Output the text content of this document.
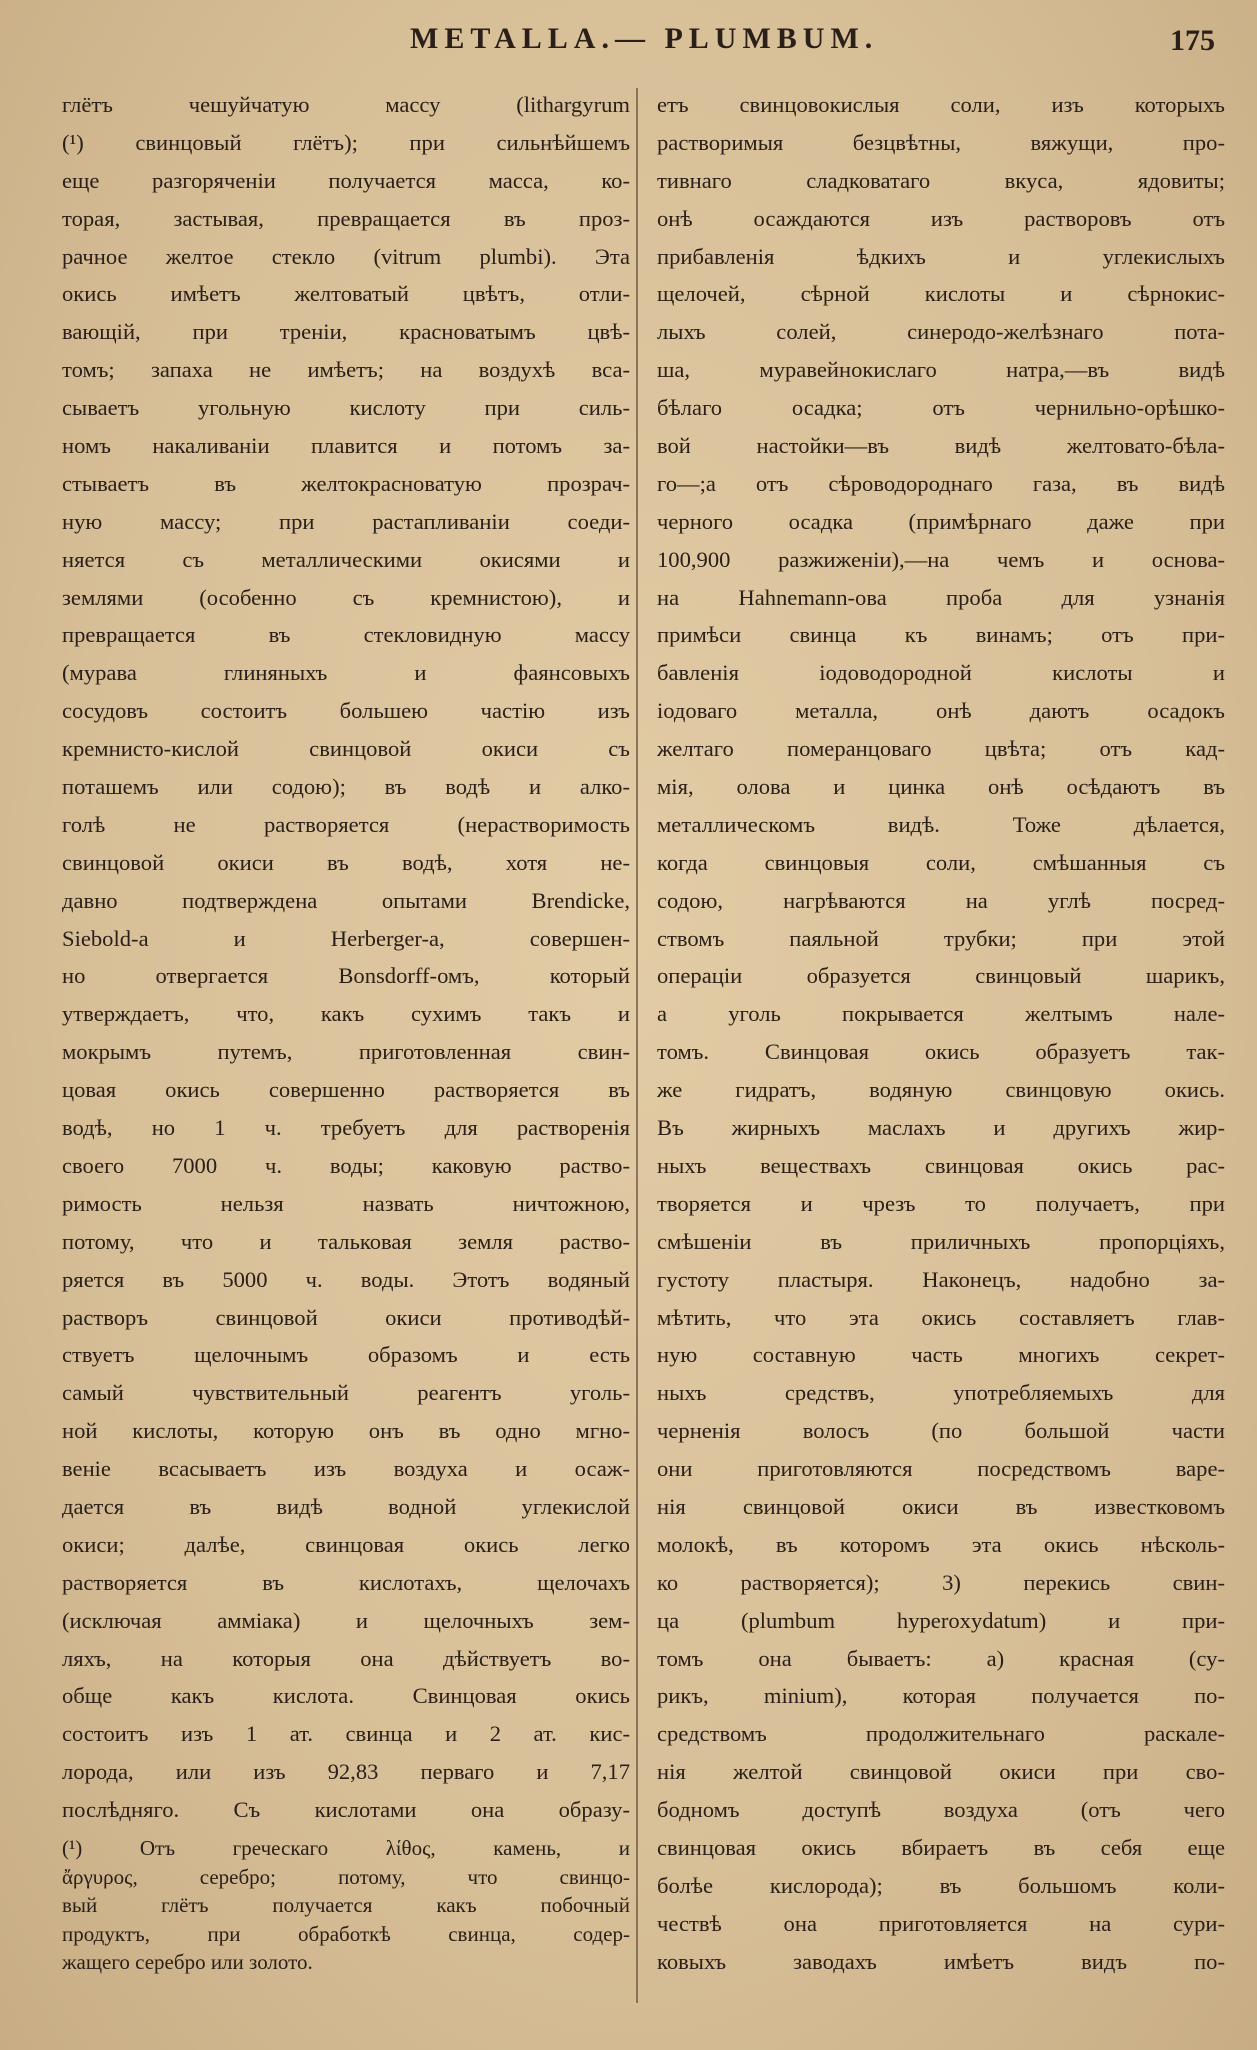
METALLA.— PLUMBUM.	175
глётъ чешуйчатую массу (lithargyrum
(¹) свинцовый глётъ); при сильнѣйшемъ
еще разгоряченіи получается масса, ко-
торая, застывая, превращается въ проз-
рачное желтое стекло (vitrum plumbi). Эта
окись имѣетъ желтоватый цвѣтъ, отли-
вающій, при треніи, красноватымъ цвѣ-
томъ; запаха не имѣетъ; на воздухѣ вса-
сываетъ угольную кислоту при силь-
номъ накаливаніи плавится и потомъ за-
стываетъ въ желтокрасноватую прозрач-
ную массу; при растапливаніи соеди-
няется съ металлическими окисями и
землями (особенно съ кремнистою), и
превращается въ стекловидную массу
(мурава глиняныхъ и фаянсовыхъ
сосудовъ состоитъ большею частію изъ
кремнисто-кислой свинцовой окиси съ
поташемъ или содою); въ водѣ и алко-
голѣ не растворяется (нерастворимость
свинцовой окиси въ водѣ, хотя не-
давно подтверждена опытами Brendicke,
Siebold-а и Herberger-а, совершен-
но отвергается Bonsdorff-омъ, который
утверждаетъ, что, какъ сухимъ такъ и
мокрымъ путемъ, приготовленная свин-
цовая окись совершенно растворяется въ
водѣ, но 1 ч. требуетъ для растворенія
своего 7000 ч. воды; каковую раство-
римость нельзя назвать ничтожною,
потому, что и тальковая земля раство-
ряется въ 5000 ч. воды. Этотъ водяный
растворъ свинцовой окиси противодѣй-
ствуетъ щелочнымъ образомъ и есть
самый чувствительный реагентъ уголь-
ной кислоты, которую онъ въ одно мгно-
веніе всасываетъ изъ воздуха и осаж-
дается въ видѣ водной углекислой
окиси; далѣе, свинцовая окись легко
растворяется въ кислотахъ, щелочахъ
(исключая амміака) и щелочныхъ зем-
ляхъ, на которыя она дѣйствуетъ во-
обще какъ кислота. Свинцовая окись
состоитъ изъ 1 ат. свинца и 2 ат. кис-
лорода, или изъ 92,83 перваго и 7,17
послѣдняго. Съ кислотами она образу-
етъ свинцовокислыя соли, изъ которыхъ
растворимыя безцвѣтны, вяжущи, про-
тивнаго сладковатаго вкуса, ядовиты;
онѣ осаждаются изъ растворовъ отъ
прибавленія ѣдкихъ и углекислыхъ
щелочей, сѣрной кислоты и сѣрнокис-
лыхъ солей, синеродо-желѣзнаго пота-
ша, муравейнокислаго натра,—въ видѣ
бѣлаго осадка; отъ чернильно-орѣшко-
вой настойки—въ видѣ желтовато-бѣла-
го—;а отъ сѣроводороднаго газа, въ видѣ
черного осадка (примѣрнаго даже при
100,900 разжиженіи),—на чемъ и основа-
на Hahnemann-ова проба для узнанія
примѣси свинца къ винамъ; отъ при-
бавленія іодоводородной кислоты и
іодоваго металла, онѣ даютъ осадокъ
желтаго померанцоваго цвѣта; отъ кад-
мія, олова и цинка онѣ осѣдаютъ въ
металлическомъ видѣ. Тоже дѣлается,
когда свинцовыя соли, смѣшанныя съ
содою, нагрѣваются на углѣ посред-
ствомъ паяльной трубки; при этой
операціи образуется свинцовый шарикъ,
а уголь покрывается желтымъ нале-
томъ. Свинцовая окись образуетъ так-
же гидратъ, водяную свинцовую окись.
Въ жирныхъ маслахъ и другихъ жир-
ныхъ веществахъ свинцовая окись рас-
творяется и чрезъ то получаетъ, при
смѣшеніи въ приличныхъ пропорціяхъ,
густоту пластыря. Наконецъ, надобно за-
мѣтить, что эта окись составляетъ глав-
ную составную часть многихъ секрет-
ныхъ средствъ, употребляемыхъ для
черненія волосъ (по большой части
они приготовляются посредствомъ варе-
нія свинцовой окиси въ известковомъ
молокѣ, въ которомъ эта окись нѣсколь-
ко растворяется); 3) перекись свин-
ца (plumbum hyperoxydatum) и при-
томъ она бываетъ: а) красная (су-
рикъ, minium), которая получается по-
средствомъ продолжительнаго раскале-
нія желтой свинцовой окиси при сво-
бодномъ доступѣ воздуха (отъ чего
свинцовая окись вбираетъ въ себя еще
болѣе кислорода); въ большомъ коли-
чествѣ она приготовляется на сури-
ковыхъ заводахъ имѣетъ видъ по-
(¹) Отъ греческаго λίθος, камень, и
ἄργυρος, серебро; потому, что свинцо-
вый глётъ получается какъ побочный
продуктъ, при обработкѣ свинца, содер-
жащего серебро или золото.
